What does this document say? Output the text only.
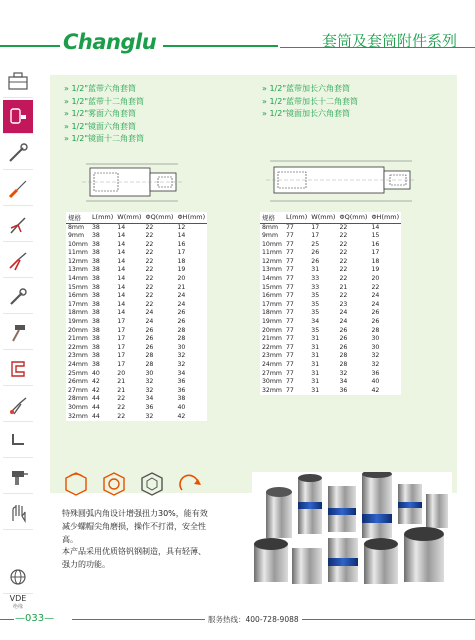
Changlu	套筒及套筒附件系列
VDE
绝缘
» 1/2"蓝带六角套筒
» 1/2"蓝带十二角套筒
» 1/2"雾面六角套筒
» 1/2"镜面六角套筒
» 1/2"镜面十二角套筒
» 1/2"蓝带加长六角套筒
» 1/2"蓝带加长十二角套筒
» 1/2"镜面加长六角套筒
规格	L(mm)	W(mm)	ΦQ(mm)	ΦH(mm)
8mm	38	14	22	12
9mm	38	14	22	14
10mm	38	14	22	16
11mm	38	14	22	17
12mm	38	14	22	18
13mm	38	14	22	19
14mm	38	14	22	20
15mm	38	14	22	21
16mm	38	14	22	24
17mm	38	14	22	24
18mm	38	14	24	26
19mm	38	17	24	26
20mm	38	17	26	28
21mm	38	17	26	28
22mm	38	17	26	30
23mm	38	17	28	32
24mm	38	17	28	32
25mm	40	20	30	34
26mm	42	21	32	36
27mm	42	21	32	36
28mm	44	22	34	38
30mm	44	22	36	40
32mm	44	22	32	42
规格	L(mm)	W(mm)	ΦQ(mm)	ΦH(mm)
8mm	77	17	22	14
9mm	77	17	22	15
10mm	77	25	22	16
11mm	77	26	22	17
12mm	77	26	22	18
13mm	77	31	22	19
14mm	77	33	22	20
15mm	77	33	21	22
16mm	77	35	22	24
17mm	77	35	23	24
18mm	77	35	24	26
19mm	77	34	24	26
20mm	77	35	26	28
21mm	77	31	26	30
22mm	77	31	26	30
23mm	77	31	28	32
24mm	77	31	28	32
27mm	77	31	32	36
30mm	77	31	34	40
32mm	77	31	36	42
特殊圆弧内角设计增强扭力30%，能有效减少螺帽尖角磨损，操作不打滑，安全性高。
本产品采用优质铬钒钢制造，具有轻薄、强力的功能。
—033—	服务热线：400-728-9088
